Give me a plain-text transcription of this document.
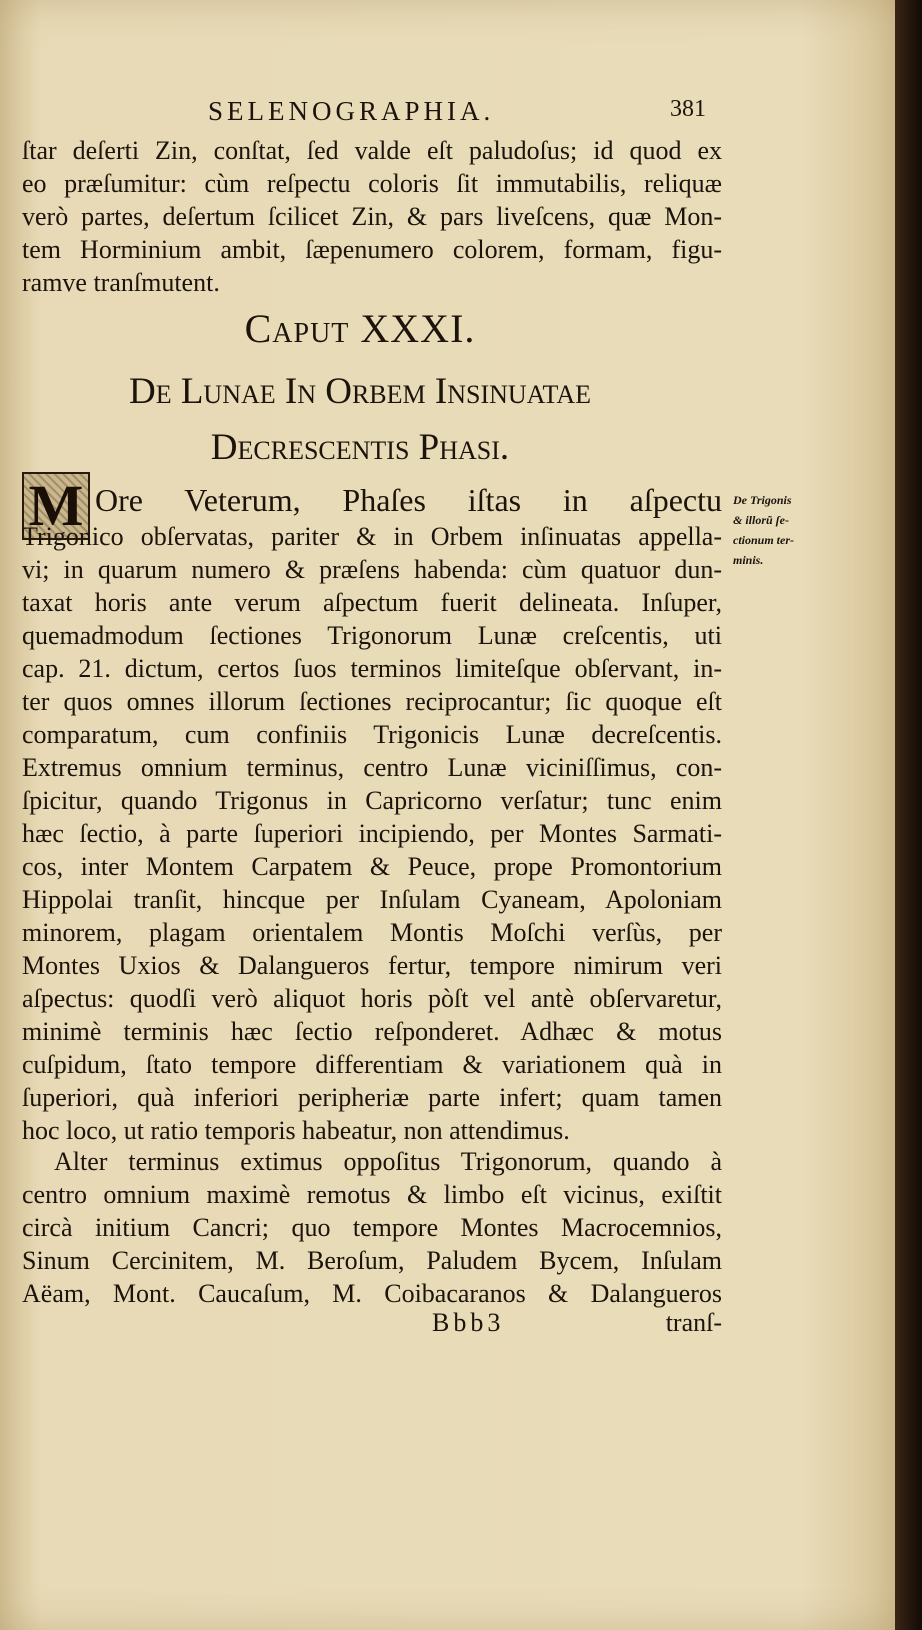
SELENOGRAPHIA.	381
ſtar deſerti Zin, conſtat, ſed valde eſt paludoſus; id quod ex
eo præſumitur: cùm reſpectu coloris ſit immutabilis, reliquæ
verò partes, deſertum ſcilicet Zin, & pars liveſcens, quæ Mon-
tem Horminium ambit, ſæpenumero colorem, formam, figu-
ramve tranſmutent.
Caput XXXI.
De Lunae In Orbem Insinuatae
Decrescentis Phasi.
M Ore Veterum, Phaſes iſtas in aſpectu
Trigonico obſervatas, pariter & in Orbem inſinuatas appella-
vi; in quarum numero & præſens habenda: cùm quatuor dun-
taxat horis ante verum aſpectum fuerit delineata. Inſuper,
quemadmodum ſectiones Trigonorum Lunæ creſcentis, uti
cap. 21. dictum, certos ſuos terminos limiteſque obſervant, in-
ter quos omnes illorum ſectiones reciprocantur; ſic quoque eſt
comparatum, cum confiniis Trigonicis Lunæ decreſcentis.
Extremus omnium terminus, centro Lunæ viciniſſimus, con-
ſpicitur, quando Trigonus in Capricorno verſatur; tunc enim
hæc ſectio, à parte ſuperiori incipiendo, per Montes Sarmati-
cos, inter Montem Carpatem & Peuce, prope Promontorium
Hippolai tranſit, hincque per Inſulam Cyaneam, Apoloniam
minorem, plagam orientalem Montis Moſchi verſùs, per
Montes Uxios & Dalangueros fertur, tempore nimirum veri
aſpectus: quodſi verò aliquot horis pòſt vel antè obſervaretur,
minimè terminis hæc ſectio reſponderet. Adhæc & motus
cuſpidum, ſtato tempore differentiam & variationem quà in
ſuperiori, quà inferiori peripheriæ parte infert; quam tamen
hoc loco, ut ratio temporis habeatur, non attendimus.
Alter terminus extimus oppoſitus Trigonorum, quando à
centro omnium maximè remotus & limbo eſt vicinus, exiſtit
circà initium Cancri; quo tempore Montes Macrocemnios,
Sinum Cercinitem, M. Beroſum, Paludem Bycem, Inſulam
Aëam, Mont. Caucaſum, M. Coibacaranos & Dalangueros
De Trigonis
& illorũ ſe-
ctionum ter-
minis.
Bbb3	tranſ-
